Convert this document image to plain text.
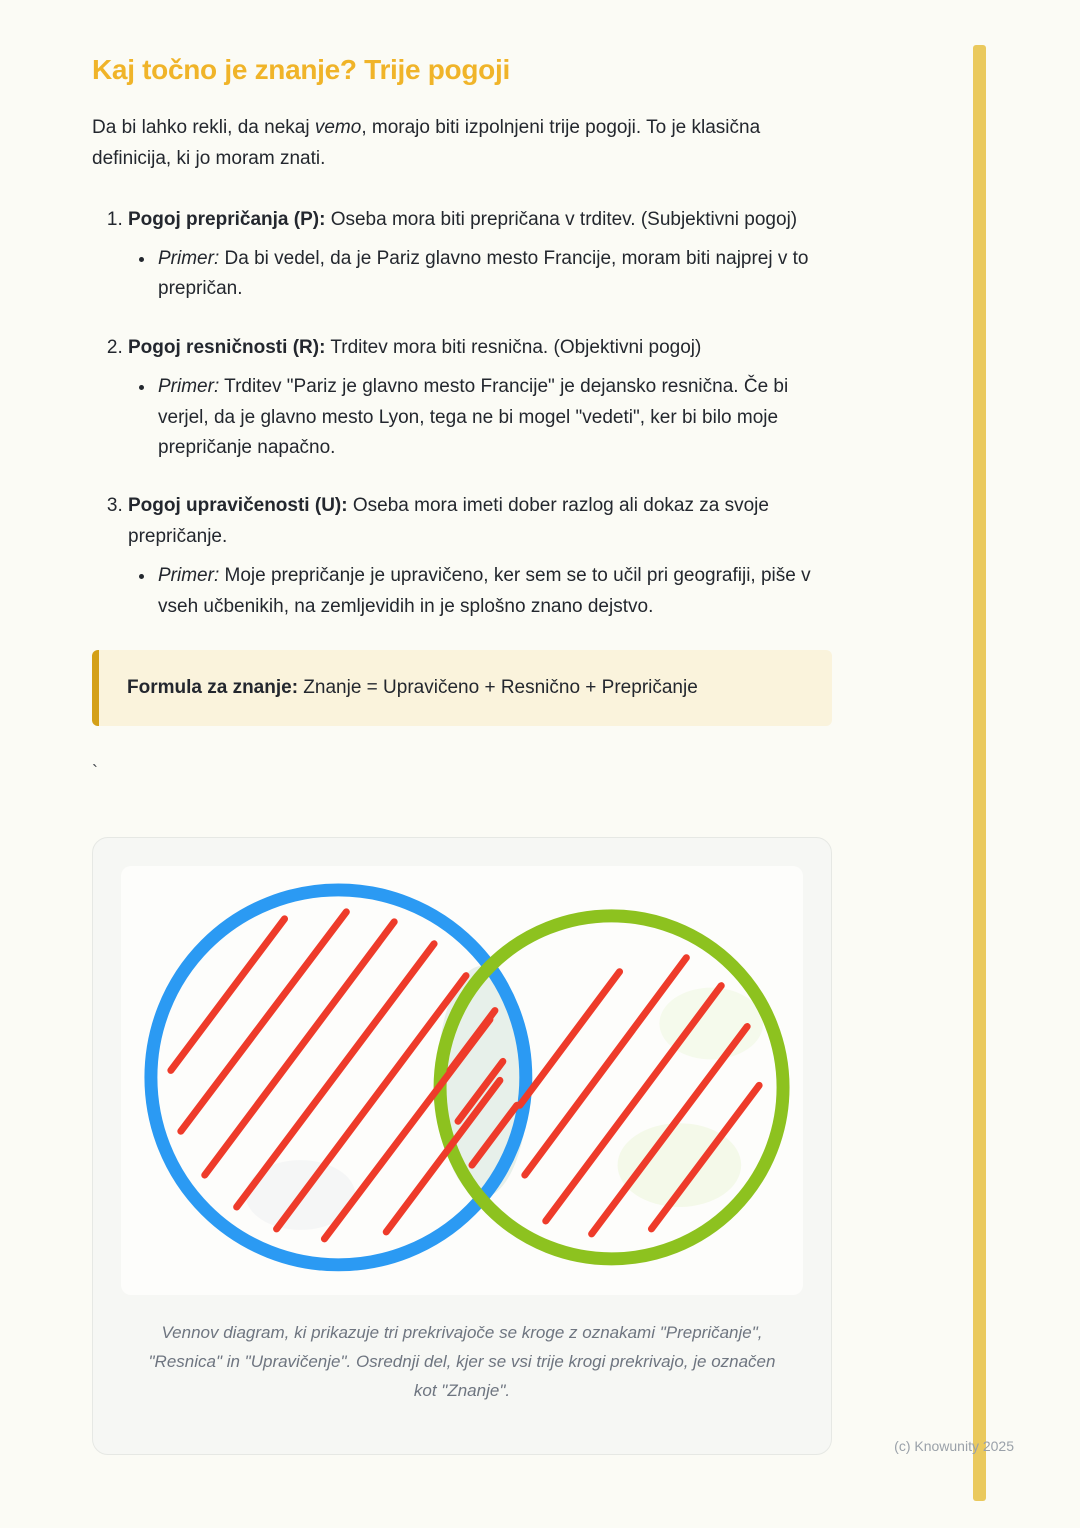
Kaj točno je znanje? Trije pogoji

Da bi lahko rekli, da nekaj vemo, morajo biti izpolnjeni trije pogoji. To je klasična definicija, ki jo moram znati.

1. Pogoj prepričanja (P): Oseba mora biti prepričana v trditev. (Subjektivni pogoj)
• Primer: Da bi vedel, da je Pariz glavno mesto Francije, moram biti najprej v to prepričan.
2. Pogoj resničnosti (R): Trditev mora biti resnična. (Objektivni pogoj)
• Primer: Trditev "Pariz je glavno mesto Francije" je dejansko resnična. Če bi verjel, da je glavno mesto Lyon, tega ne bi mogel "vedeti", ker bi bilo moje prepričanje napačno.
3. Pogoj upravičenosti (U): Oseba mora imeti dober razlog ali dokaz za svoje prepričanje.
• Primer: Moje prepričanje je upravičeno, ker sem se to učil pri geografiji, piše v vseh učbenikih, na zemljevidih in je splošno znano dejstvo.
Formula za znanje: Znanje = Upravičeno + Resnično + Prepričanje
`

Vennov diagram, ki prikazuje tri prekrivajoče se kroge z oznakami "Prepričanje", "Resnica" in "Upravičenje". Osrednji del, kjer se vsi trije krogi prekrivajo, je označen kot "Znanje".

(c) Knowunity 2025
